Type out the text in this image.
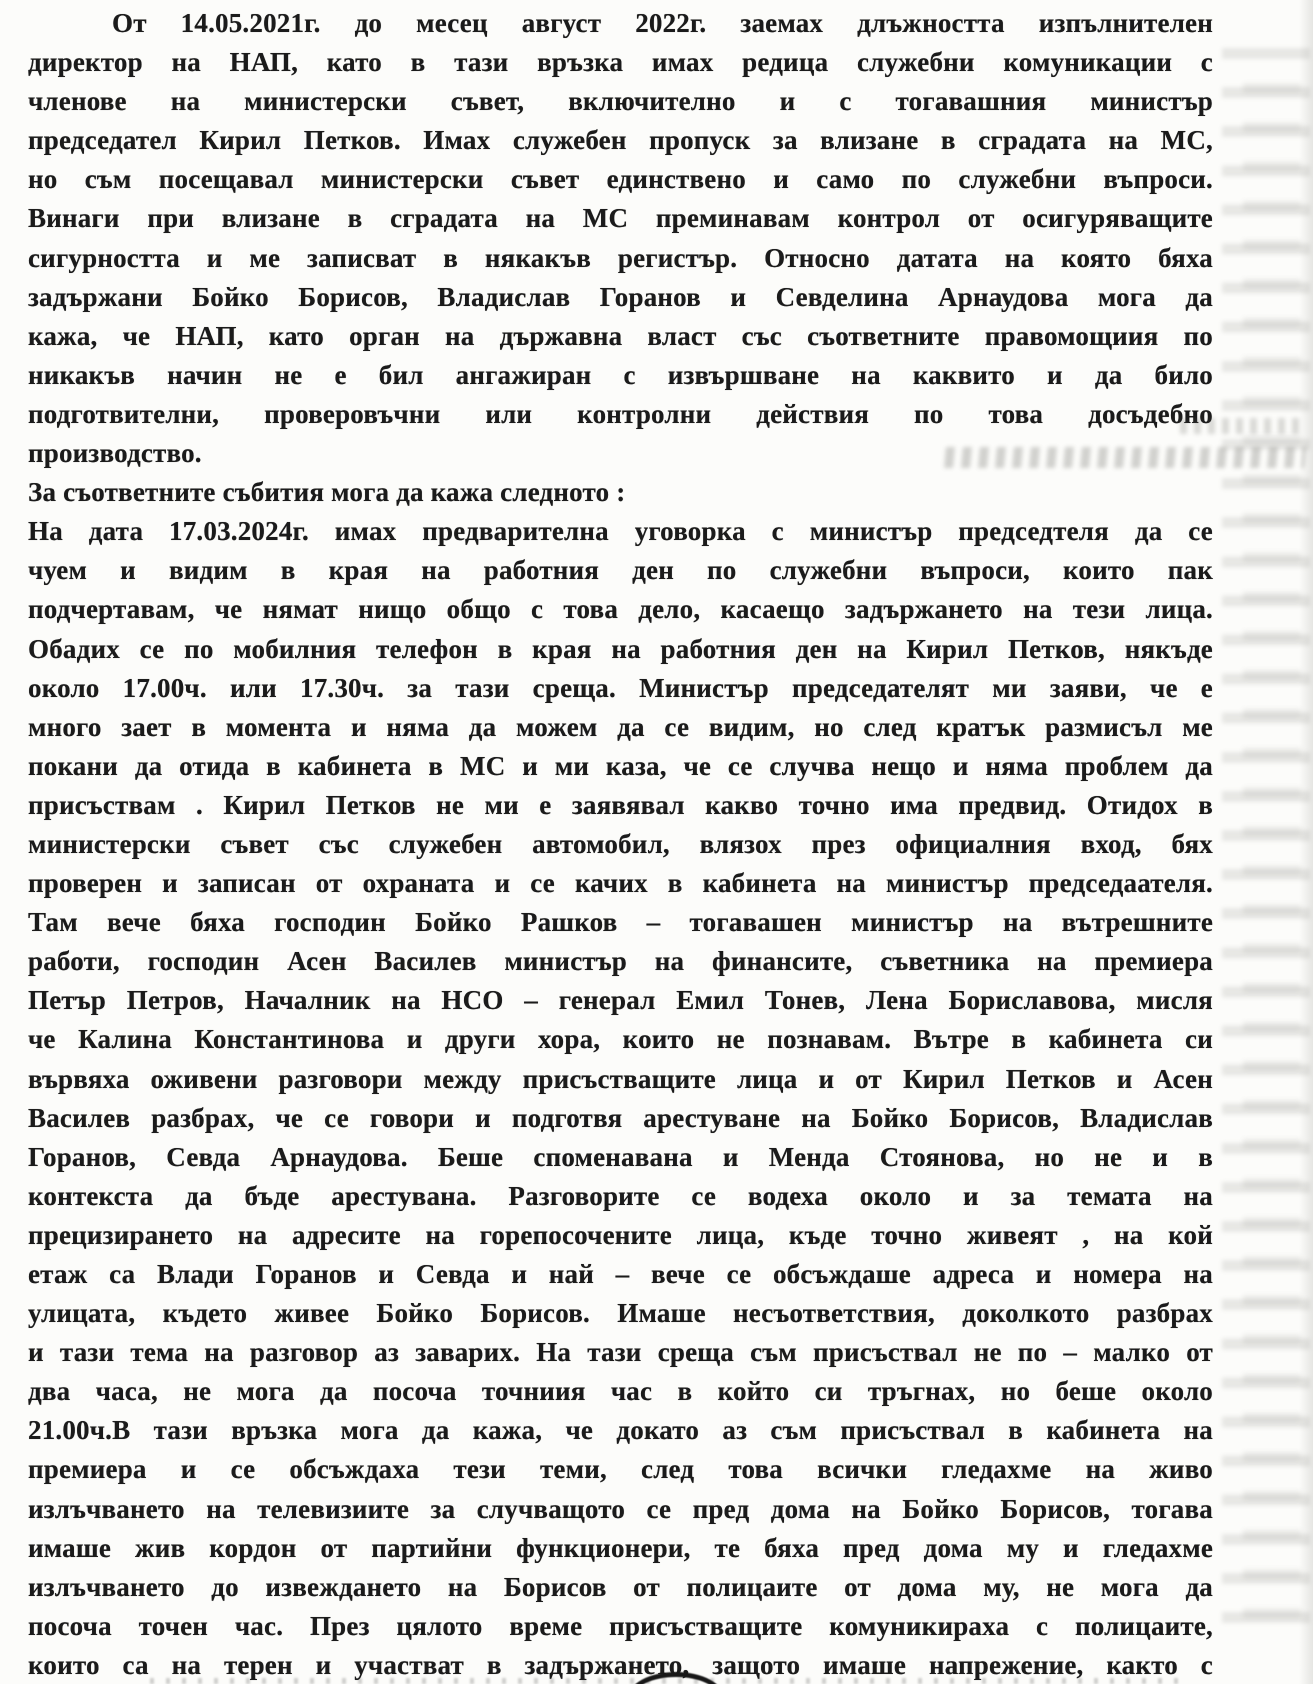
От 14.05.2021г. до месец август 2022г. заемах длъжността изпълнителен
директор на НАП, като в тази връзка имах редица служебни комуникации с
членове на министерски съвет, включително и с тогавашния министър
председател Кирил Петков. Имах служебен пропуск за влизане в сградата на МС,
но съм посещавал министерски съвет единствено и само по служебни въпроси.
Винаги при влизане в сградата на МС преминавам контрол от осигуряващите
сигурността и ме записват в някакъв регистър. Относно датата на която бяха
задържани Бойко Борисов, Владислав Горанов и Севделина Арнаудова мога да
кажа, че НАП, като орган на държавна власт със съответните правомощиия по
никакъв начин не е бил ангажиран с извършване на каквито и да било
подготвителни, проверовъчни или контролни действия по това досъдебно
производство.
За съответните събития мога да кажа следното :
На дата 17.03.2024г. имах предварителна уговорка с министър председтеля да се
чуем и видим в края на работния ден по служебни въпроси, които пак
подчертавам, че нямат нищо общо с това дело, касаещо задържането на тези лица.
Обадих се по мобилния телефон в края на работния ден на Кирил Петков, някъде
около 17.00ч. или 17.30ч. за тази среща. Министър председателят ми заяви, че е
много зает в момента и няма да можем да се видим, но след кратък размисъл ме
покани да отида в кабинета в МС и ми каза, че се случва нещо и няма проблем да
присъствам . Кирил Петков не ми е заявявал какво точно има предвид. Отидох в
министерски съвет със служебен автомобил, влязох през официалния вход, бях
проверен и записан от охраната и се качих в кабинета на министър председаателя.
Там вече бяха господин Бойко Рашков – тогавашен министър на вътрешните
работи, господин Асен Василев министър на финансите, съветника на премиера
Петър Петров, Началник на НСО – генерал Емил Тонев, Лена Бориславова, мисля
че Калина Константинова и други хора, които не познавам. Вътре в кабинета си
вървяха оживени разговори между присъстващите лица и от Кирил Петков и Асен
Василев разбрах, че се говори и подготвя арестуване на Бойко Борисов, Владислав
Горанов, Севда Арнаудова. Беше споменавана и Менда Стоянова, но не и в
контекста да бъде арестувана. Разговорите се водеха около и за темата на
прецизирането на адресите на горепосочените лица, къде точно живеят , на кой
етаж са Влади Горанов и Севда и най – вече се обсъждаше адреса и номера на
улицата, където живее Бойко Борисов. Имаше несъответствия, доколкото разбрах
и тази тема на разговор аз заварих. На тази среща съм присъствал не по – малко от
два часа, не мога да посоча точниия час в който си тръгнах, но беше около
21.00ч.В тази връзка мога да кажа, че докато аз съм присъствал в кабинета на
премиера и се обсъждаха тези теми, след това всички гледахме на живо
излъчването на телевизиите за случващото се пред дома на Бойко Борисов, тогава
имаше жив кордон от партийни функционери, те бяха пред дома му и гледахме
излъчването до извеждането на Борисов от полицаите от дома му, не мога да
посоча точен час. През цялото време присъстващите комуникираха с полицаите,
които са на терен и участват в задържането, защото имаше напрежение, както с
